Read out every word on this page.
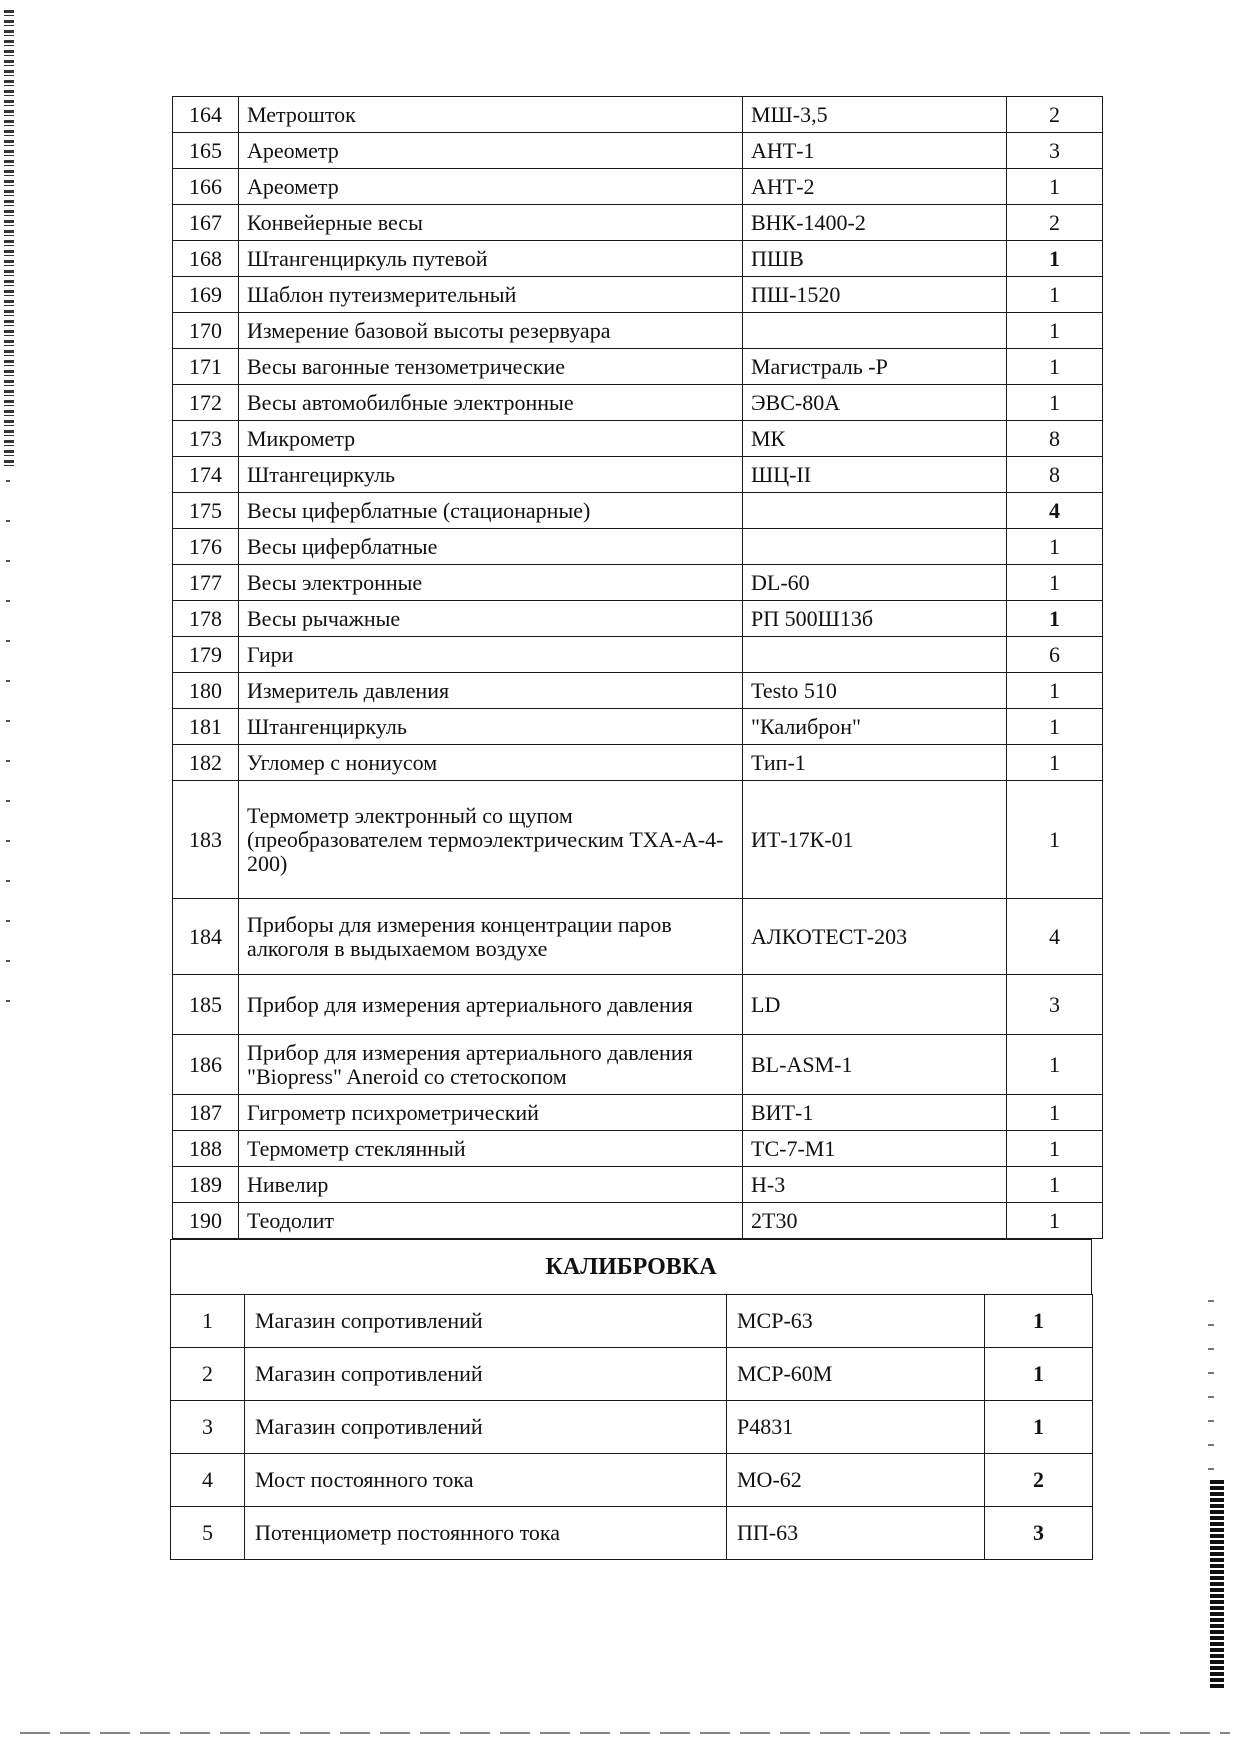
164	Метрошток	МШ-3,5	2
165	Ареометр	АНТ-1	3
166	Ареометр	АНТ-2	1
167	Конвейерные весы	ВНК-1400-2	2
168	Штангенциркуль путевой	ПШВ	1
169	Шаблон путеизмерительный	ПШ-1520	1
170	Измерение базовой высоты резервуара		1
171	Весы вагонные тензометрические	Магистраль -Р	1
172	Весы автомобилбные электронные	ЭВС-80А	1
173	Микрометр	МК	8
174	Штангециркуль	ШЦ-II	8
175	Весы циферблатные (стационарные)		4
176	Весы циферблатные		1
177	Весы электронные	DL-60	1
178	Весы рычажные	РП 500Ш13б	1
179	Гири		6
180	Измеритель давления	Testo 510	1
181	Штангенциркуль	"Калиброн"	1
182	Угломер с нониусом	Тип-1	1
183	Термометр электронный со щупом (преобразователем термоэлектрическим ТХА-А-4-200)	ИТ-17К-01	1
184	Приборы для измерения концентрации паров алкоголя в выдыхаемом воздухе	АЛКОТЕСТ-203	4
185	Прибор для измерения артериального давления	LD	3
186	Прибор для измерения артериального давления "Biopress" Aneroid со стетоскопом	BL-ASM-1	1
187	Гигрометр психрометрический	ВИТ-1	1
188	Термометр стеклянный	ТС-7-М1	1
189	Нивелир	Н-3	1
190	Теодолит	2Т30	1
КАЛИБРОВКА
1	Магазин сопротивлений	МСР-63	1
2	Магазин сопротивлений	МСР-60М	1
3	Магазин сопротивлений	Р4831	1
4	Мост постоянного тока	МО-62	2
5	Потенциометр постоянного тока	ПП-63	3
